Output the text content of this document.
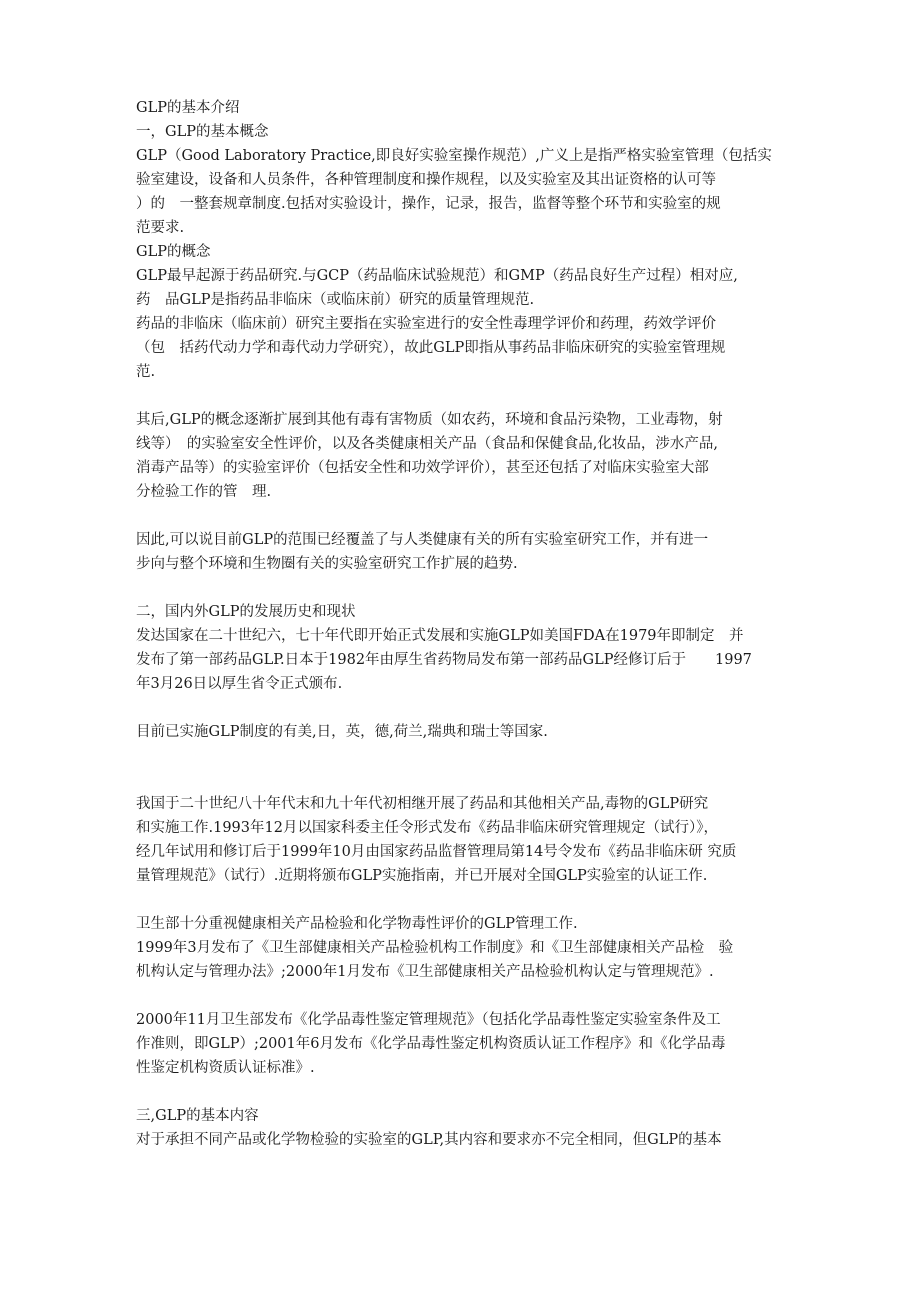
GLP的基本介绍
一，GLP的基本概念
GLP（Good Laboratory Practice,即良好实验室操作规范）,广义上是指严格实验室管理（包括实
验室建设，设备和人员条件，各种管理制度和操作规程，以及实验室及其出证资格的认可等
）的　一整套规章制度.包括对实验设计，操作，记录，报告，监督等整个环节和实验室的规
范要求.
GLP的概念
GLP最早起源于药品研究.与GCP（药品临床试验规范）和GMP（药品良好生产过程）相对应,
药　品GLP是指药品非临床（或临床前）研究的质量管理规范.
药品的非临床（临床前）研究主要指在实验室进行的安全性毒理学评价和药理，药效学评价
（包　括药代动力学和毒代动力学研究），故此GLP即指从事药品非临床研究的实验室管理规
范.
其后,GLP的概念逐渐扩展到其他有毒有害物质（如农药，环境和食品污染物，工业毒物，射
线等）　的实验室安全性评价，以及各类健康相关产品（食品和保健食品,化妆品，涉水产品,
消毒产品等）的实验室评价（包括安全性和功效学评价），甚至还包括了对临床实验室大部
分检验工作的管　理.
因此,可以说目前GLP的范围已经覆盖了与人类健康有关的所有实验室研究工作，并有进一
步向与整个环境和生物圈有关的实验室研究工作扩展的趋势.
二，国内外GLP的发展历史和现状
发达国家在二十世纪六，七十年代即开始正式发展和实施GLP如美国FDA在1979年即制定　并
发布了第一部药品GLP.日本于1982年由厚生省药物局发布第一部药品GLP经修订后于　　1997
年3月26日以厚生省令正式颁布.
目前已实施GLP制度的有美,日，英，德,荷兰,瑞典和瑞士等国家.
我国于二十世纪八十年代末和九十年代初相继开展了药品和其他相关产品,毒物的GLP研究
和实施工作.1993年12月以国家科委主任令形式发布《药品非临床研究管理规定（试行）》，
经几年试用和修订后于1999年10月由国家药品监督管理局第14号令发布《药品非临床研 究质
量管理规范》（试行）.近期将颁布GLP实施指南，并已开展对全国GLP实验室的认证工作.
卫生部十分重视健康相关产品检验和化学物毒性评价的GLP管理工作.
1999年3月发布了《卫生部健康相关产品检验机构工作制度》和《卫生部健康相关产品检　验
机构认定与管理办法》;2000年1月发布《卫生部健康相关产品检验机构认定与管理规范》.
2000年11月卫生部发布《化学品毒性鉴定管理规范》（包括化学品毒性鉴定实验室条件及工
作准则，即GLP）;2001年6月发布《化学品毒性鉴定机构资质认证工作程序》和《化学品毒
性鉴定机构资质认证标准》.
三,GLP的基本内容
对于承担不同产品或化学物检验的实验室的GLP,其内容和要求亦不完全相同，但GLP的基本
